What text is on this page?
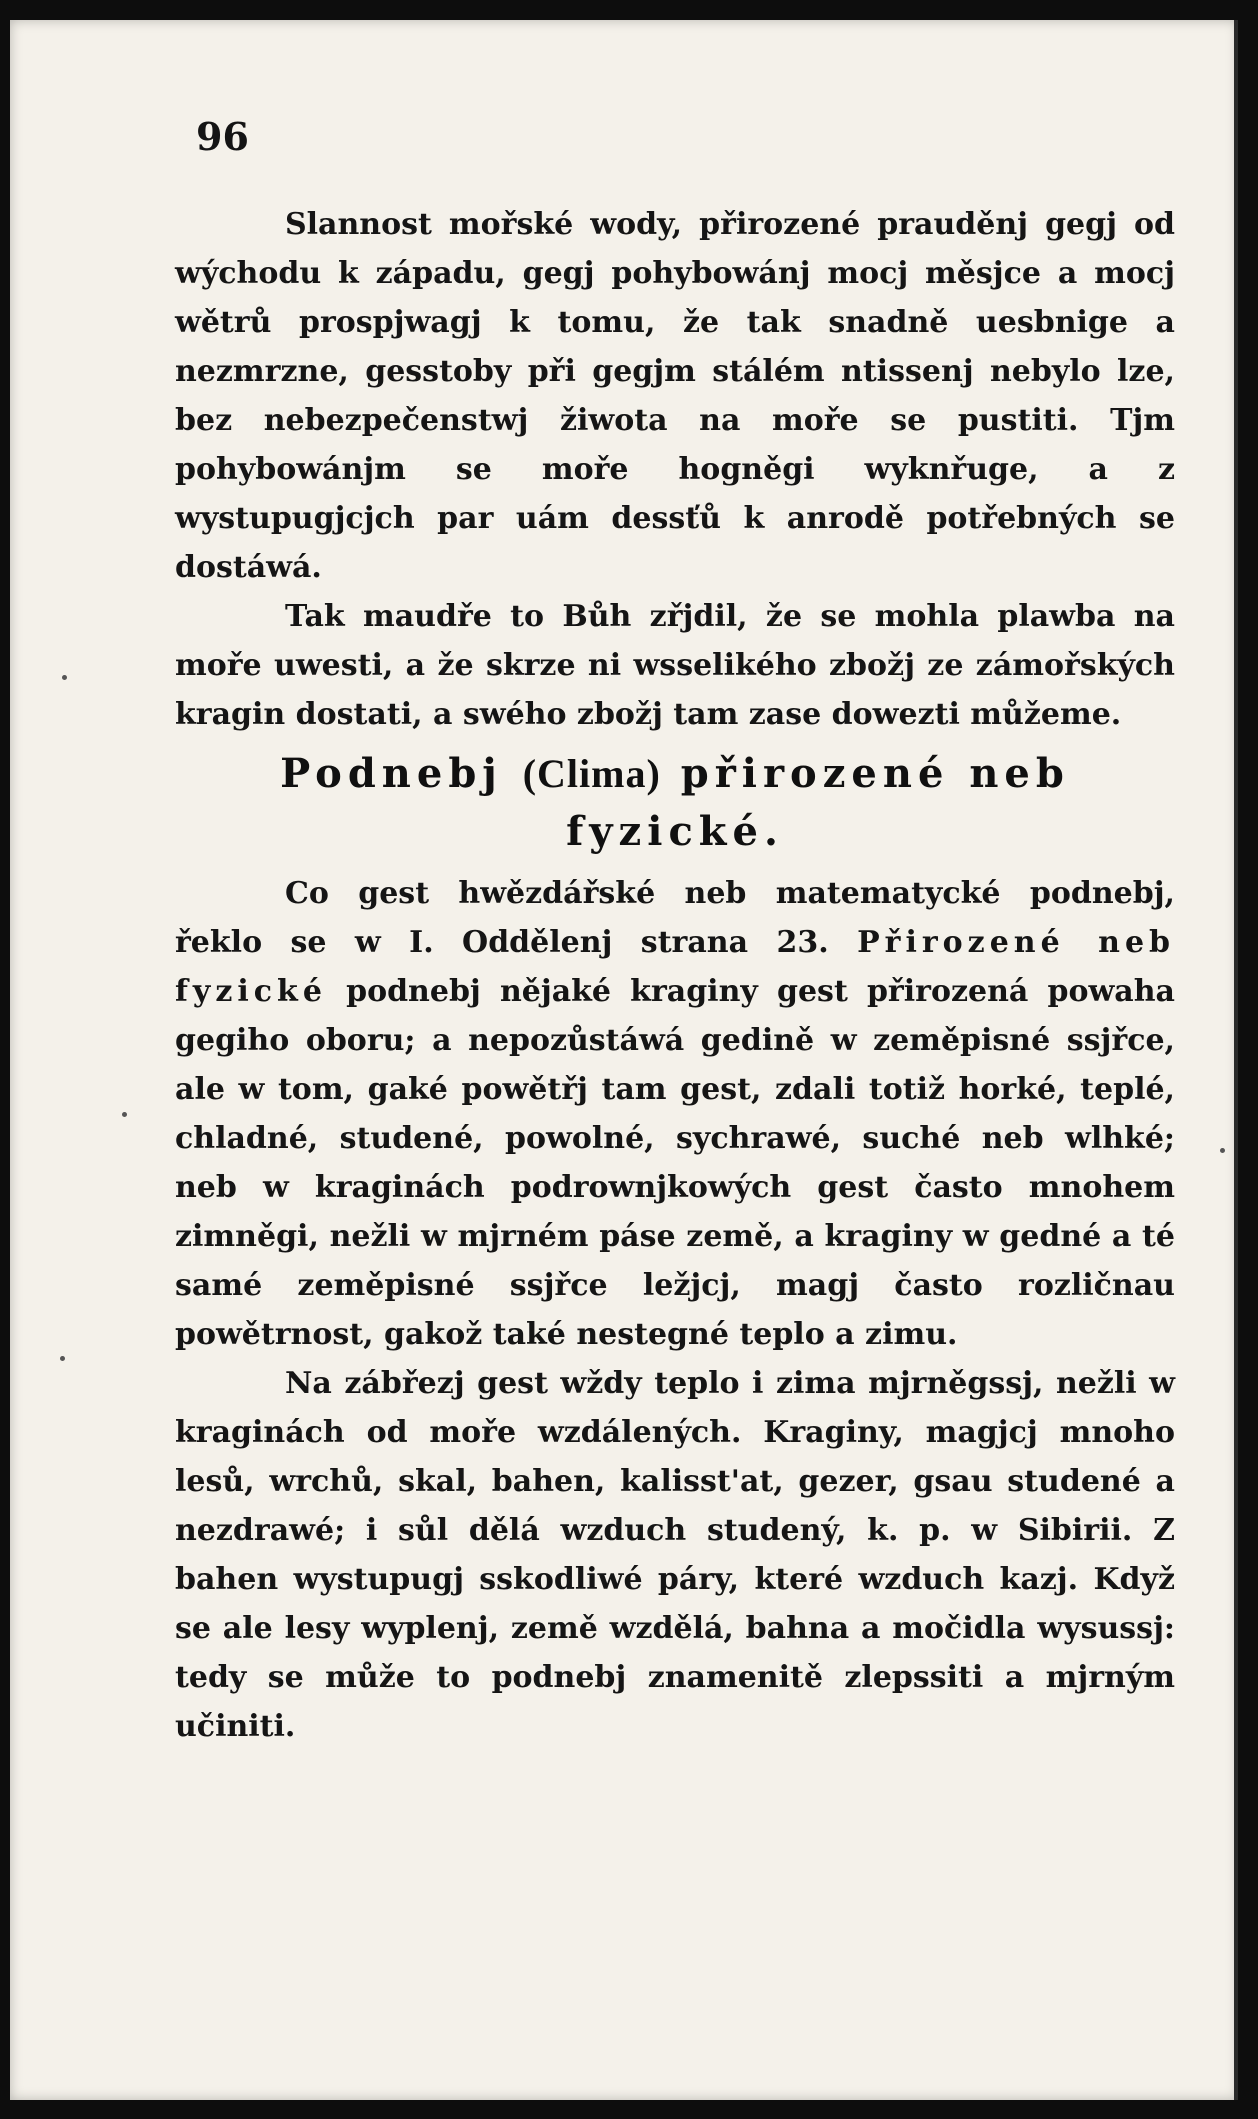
96

Slannost mořské wody, přirozené prauděnj gegj od wýchodu k západu, gegj pohybowánj mocj měsjce a mocj wětrů prospjwagj k tomu, že tak snadně uesbnige a nezmrzne, gesstoby při gegjm stálém ntissenj nebylo lze, bez nebezpečenstwj žiwota na moře se pustiti. Tjm pohybowánjm se moře hogněgi wyknřuge, a z wystupugjcjch par uám dessťů k anrodě potřebných se dostáwá.

Tak maudře to Bůh zřjdil, že se mohla plawba na moře uwesti, a že skrze ni wsselikého zbožj ze zámořských kragin dostati, a swého zbožj tam zase dowezti můžeme.

Podnebj (Clima) přirozené neb
fyzické.

Co gest hwězdářské neb matematycké podnebj, řeklo se w I. Oddělenj strana 23. Přirozené neb fyzické podnebj nějaké kraginy gest přirozená powaha gegiho oboru; a nepozůstáwá gedině w zeměpisné ssjřce, ale w tom, gaké powětřj tam gest, zdali totiž horké, teplé, chladné, studené, powolné, sychrawé, suché neb wlhké; neb w kraginách podrownjkowých gest často mnohem zimněgi, nežli w mjrném páse země, a kraginy w gedné a té samé zeměpisné ssjřce ležjcj, magj často rozličnau powětrnost, gakož také nestegné teplo a zimu.

Na zábřezj gest wždy teplo i zima mjrněgssj, nežli w kraginách od moře wzdálených. Kraginy, magjcj mnoho lesů, wrchů, skal, bahen, kalisst'at, gezer, gsau studené a nezdrawé; i sůl dělá wzduch studený, k. p. w Sibirii. Z bahen wystupugj sskodliwé páry, které wzduch kazj. Když se ale lesy wyplenj, země wzdělá, bahna a močidla wysussj: tedy se může to podnebj znamenitě zlepssiti a mjrným učiniti.
